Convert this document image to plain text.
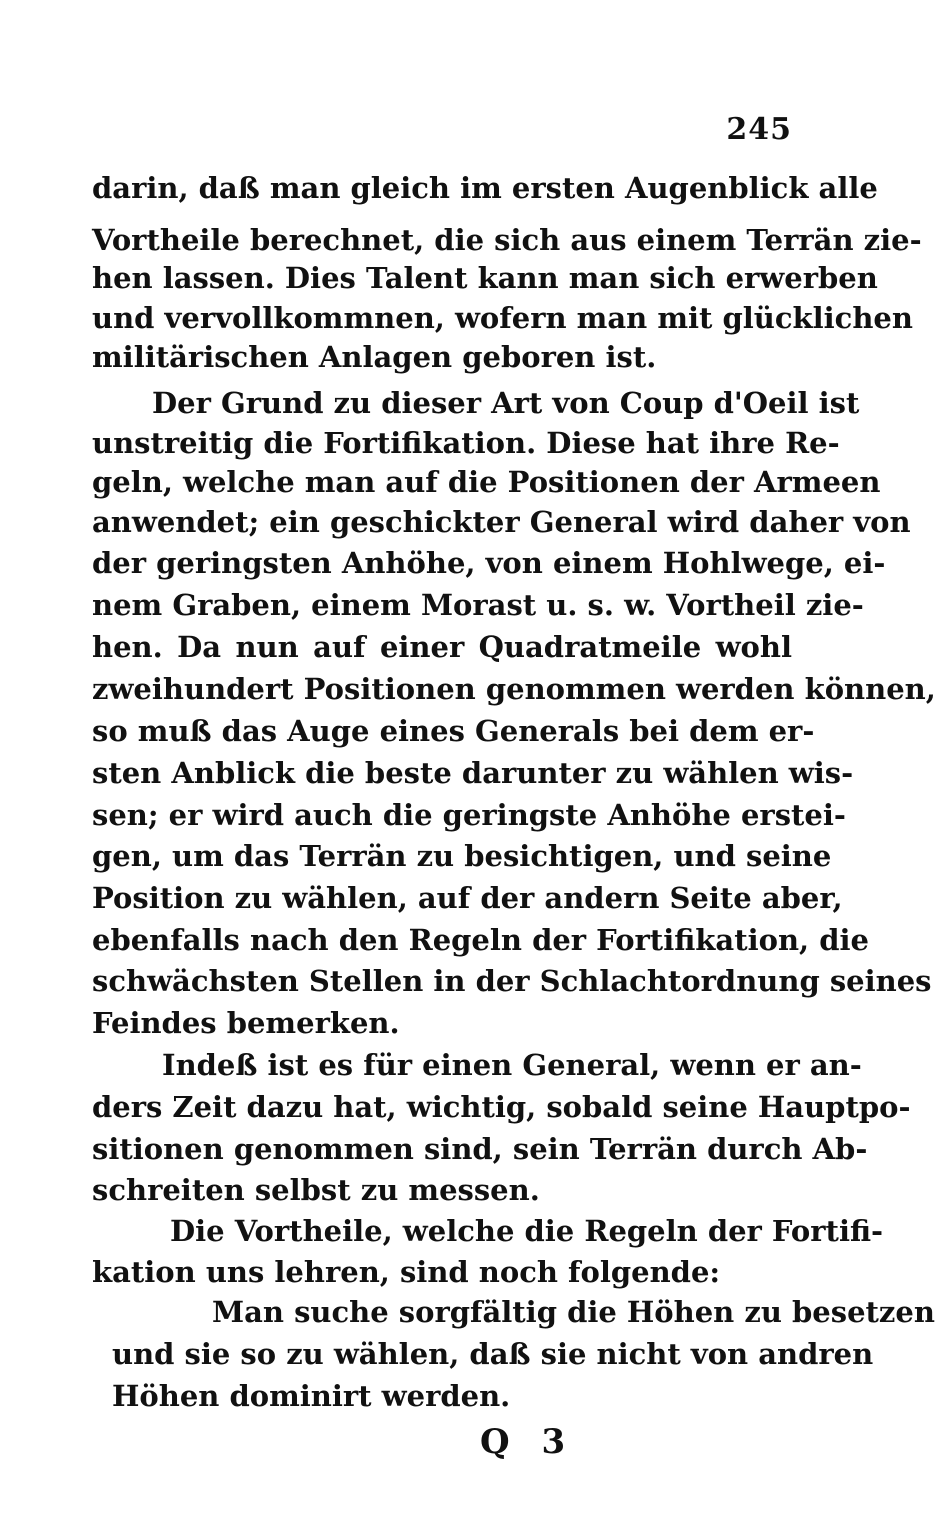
245
darin, daß man gleich im ersten Augenblick alle
Vortheile berechnet, die sich aus einem Terrän zie-
hen lassen. Dies Talent kann man sich erwerben
und vervollkommnen, wofern man mit glücklichen
militärischen Anlagen geboren ist.
Der Grund zu dieser Art von Coup d'Oeil ist
unstreitig die Fortifikation. Diese hat ihre Re-
geln, welche man auf die Positionen der Armeen
anwendet; ein geschickter General wird daher von
der geringsten Anhöhe, von einem Hohlwege, ei-
nem Graben, einem Morast u. s. w. Vortheil zie-
hen. Da nun auf einer Quadratmeile wohl
zweihundert Positionen genommen werden können,
so muß das Auge eines Generals bei dem er-
sten Anblick die beste darunter zu wählen wis-
sen; er wird auch die geringste Anhöhe erstei-
gen, um das Terrän zu besichtigen, und seine
Position zu wählen, auf der andern Seite aber,
ebenfalls nach den Regeln der Fortifikation, die
schwächsten Stellen in der Schlachtordnung seines
Feindes bemerken.
Indeß ist es für einen General, wenn er an-
ders Zeit dazu hat, wichtig, sobald seine Hauptpo-
sitionen genommen sind, sein Terrän durch Ab-
schreiten selbst zu messen.
Die Vortheile, welche die Regeln der Fortifi-
kation uns lehren, sind noch folgende:
Man suche sorgfältig die Höhen zu besetzen
und sie so zu wählen, daß sie nicht von andren
Höhen dominirt werden.
Q 3
